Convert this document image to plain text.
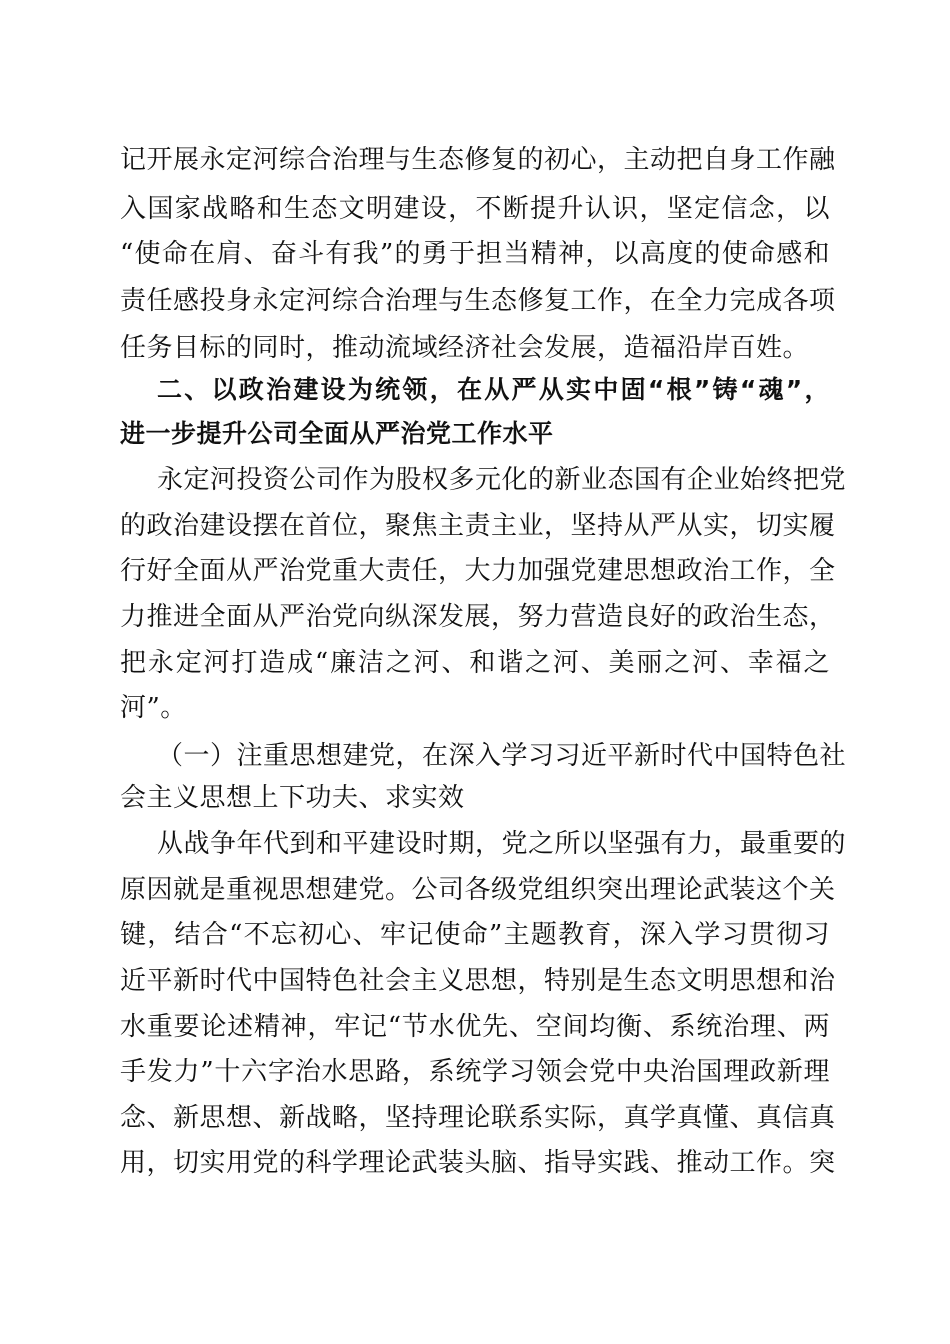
记开展永定河综合治理与生态修复的初心，主动把自身工作融
入国家战略和生态文明建设，不断提升认识，坚定信念，以
“使命在肩、奋斗有我”的勇于担当精神，以高度的使命感和
责任感投身永定河综合治理与生态修复工作，在全力完成各项
任务目标的同时，推动流域经济社会发展，造福沿岸百姓。
二、以政治建设为统领，在从严从实中固“根”铸“魂”，
进一步提升公司全面从严治党工作水平
永定河投资公司作为股权多元化的新业态国有企业始终把党
的政治建设摆在首位，聚焦主责主业，坚持从严从实，切实履
行好全面从严治党重大责任，大力加强党建思想政治工作，全
力推进全面从严治党向纵深发展，努力营造良好的政治生态，
把永定河打造成“廉洁之河、和谐之河、美丽之河、幸福之
河”。
（一）注重思想建党，在深入学习习近平新时代中国特色社
会主义思想上下功夫、求实效
从战争年代到和平建设时期，党之所以坚强有力，最重要的
原因就是重视思想建党。公司各级党组织突出理论武装这个关
键，结合“不忘初心、牢记使命”主题教育，深入学习贯彻习
近平新时代中国特色社会主义思想，特别是生态文明思想和治
水重要论述精神，牢记“节水优先、空间均衡、系统治理、两
手发力”十六字治水思路，系统学习领会党中央治国理政新理
念、新思想、新战略，坚持理论联系实际，真学真懂、真信真
用，切实用党的科学理论武装头脑、指导实践、推动工作。突
